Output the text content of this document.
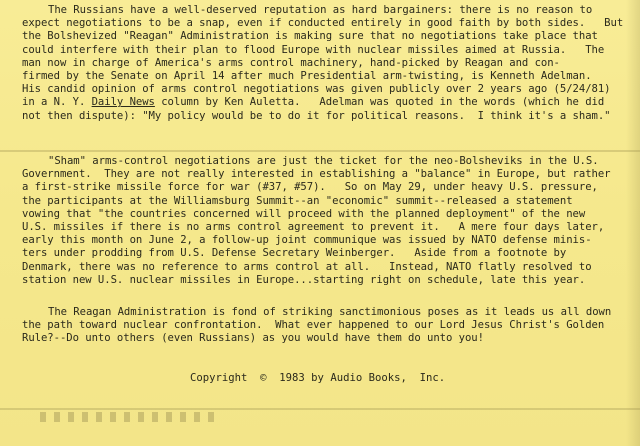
The Russians have a well-deserved reputation as hard bargainers: there is no reason to
expect negotiations to be a snap, even if conducted entirely in good faith by both sides.   But
the Bolshevized "Reagan" Administration is making sure that no negotiations take place that
could interfere with their plan to flood Europe with nuclear missiles aimed at Russia.   The
man now in charge of America's arms control machinery, hand-picked by Reagan and con-
firmed by the Senate on April 14 after much Presidential arm-twisting, is Kenneth Adelman.
His candid opinion of arms control negotiations was given publicly over 2 years ago (5/24/81)
in a N. Y. Daily News column by Ken Auletta.   Adelman was quoted in the words (which he did
not then dispute): "My policy would be to do it for political reasons.  I think it's a sham."
"Sham" arms-control negotiations are just the ticket for the neo-Bolsheviks in the U.S.
Government.  They are not really interested in establishing a "balance" in Europe, but rather
a first-strike missile force for war (#37, #57).   So on May 29, under heavy U.S. pressure,
the participants at the Williamsburg Summit--an "economic" summit--released a statement
vowing that "the countries concerned will proceed with the planned deployment" of the new
U.S. missiles if there is no arms control agreement to prevent it.   A mere four days later,
early this month on June 2, a follow-up joint communique was issued by NATO defense minis-
ters under prodding from U.S. Defense Secretary Weinberger.   Aside from a footnote by
Denmark, there was no reference to arms control at all.   Instead, NATO flatly resolved to
station new U.S. nuclear missiles in Europe...starting right on schedule, late this year.
The Reagan Administration is fond of striking sanctimonious poses as it leads us all down
the path toward nuclear confrontation.  What ever happened to our Lord Jesus Christ's Golden
Rule?--Do unto others (even Russians) as you would have them do unto you!
Copyright  ©  1983 by Audio Books,  Inc.
